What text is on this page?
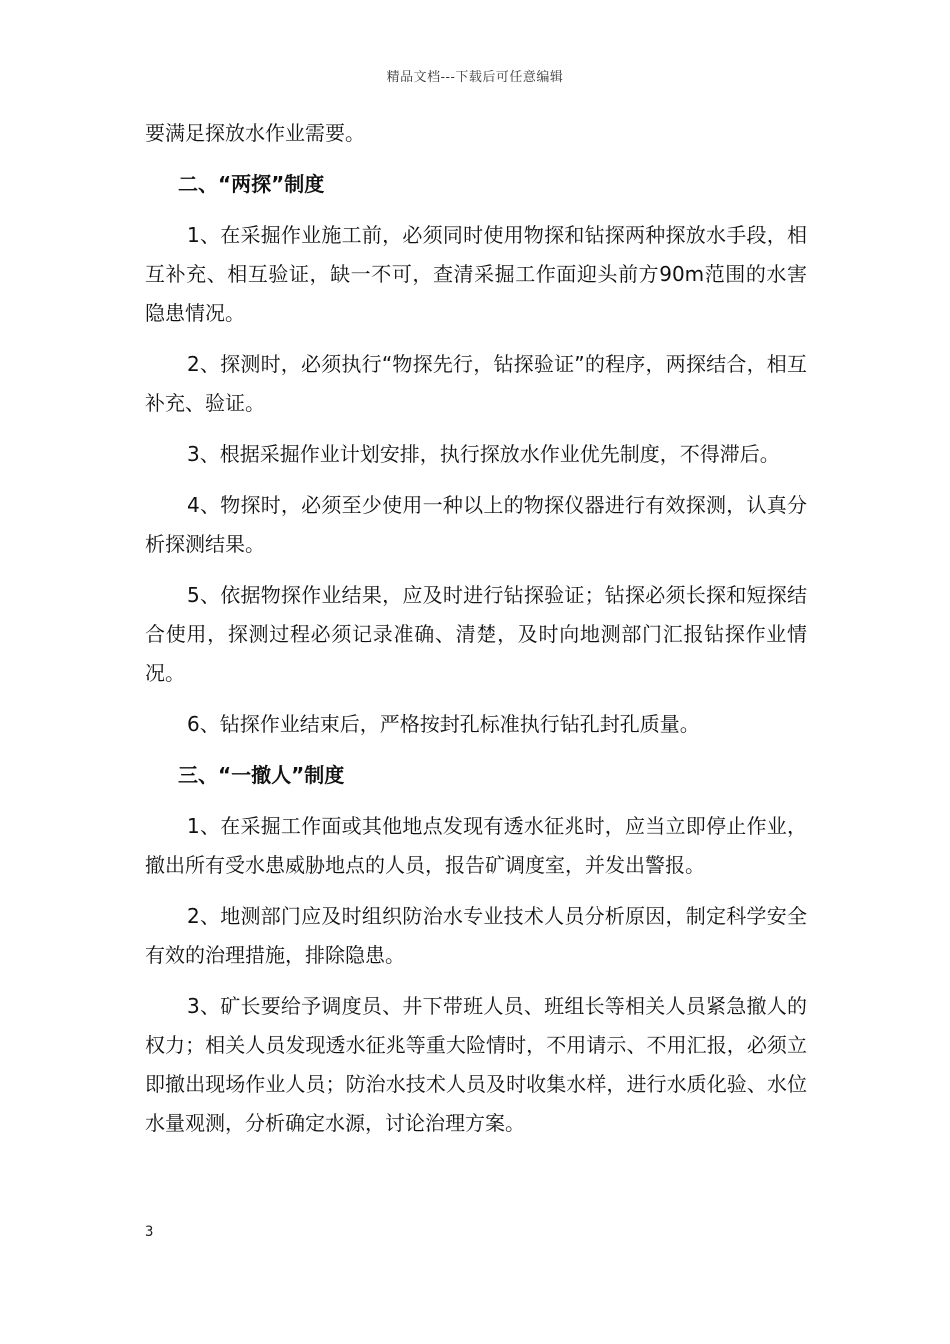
精品文档---下载后可任意编辑

要满足探放水作业需要。

二、“两探”制度

1、在采掘作业施工前，必须同时使用物探和钻探两种探放水手段，相互补充、相互验证，缺一不可，查清采掘工作面迎头前方90m范围的水害隐患情况。

2、探测时，必须执行“物探先行，钻探验证”的程序，两探结合，相互补充、验证。

3、根据采掘作业计划安排，执行探放水作业优先制度，不得滞后。

4、物探时，必须至少使用一种以上的物探仪器进行有效探测，认真分析探测结果。

5、依据物探作业结果，应及时进行钻探验证；钻探必须长探和短探结合使用，探测过程必须记录准确、清楚，及时向地测部门汇报钻探作业情况。

6、钻探作业结束后，严格按封孔标准执行钻孔封孔质量。

三、“一撤人”制度

1、在采掘工作面或其他地点发现有透水征兆时，应当立即停止作业，撤出所有受水患威胁地点的人员，报告矿调度室，并发出警报。

2、地测部门应及时组织防治水专业技术人员分析原因，制定科学安全有效的治理措施，排除隐患。

3、矿长要给予调度员、井下带班人员、班组长等相关人员紧急撤人的权力；相关人员发现透水征兆等重大险情时，不用请示、不用汇报，必须立即撤出现场作业人员；防治水技术人员及时收集水样，进行水质化验、水位水量观测，分析确定水源，讨论治理方案。

3
